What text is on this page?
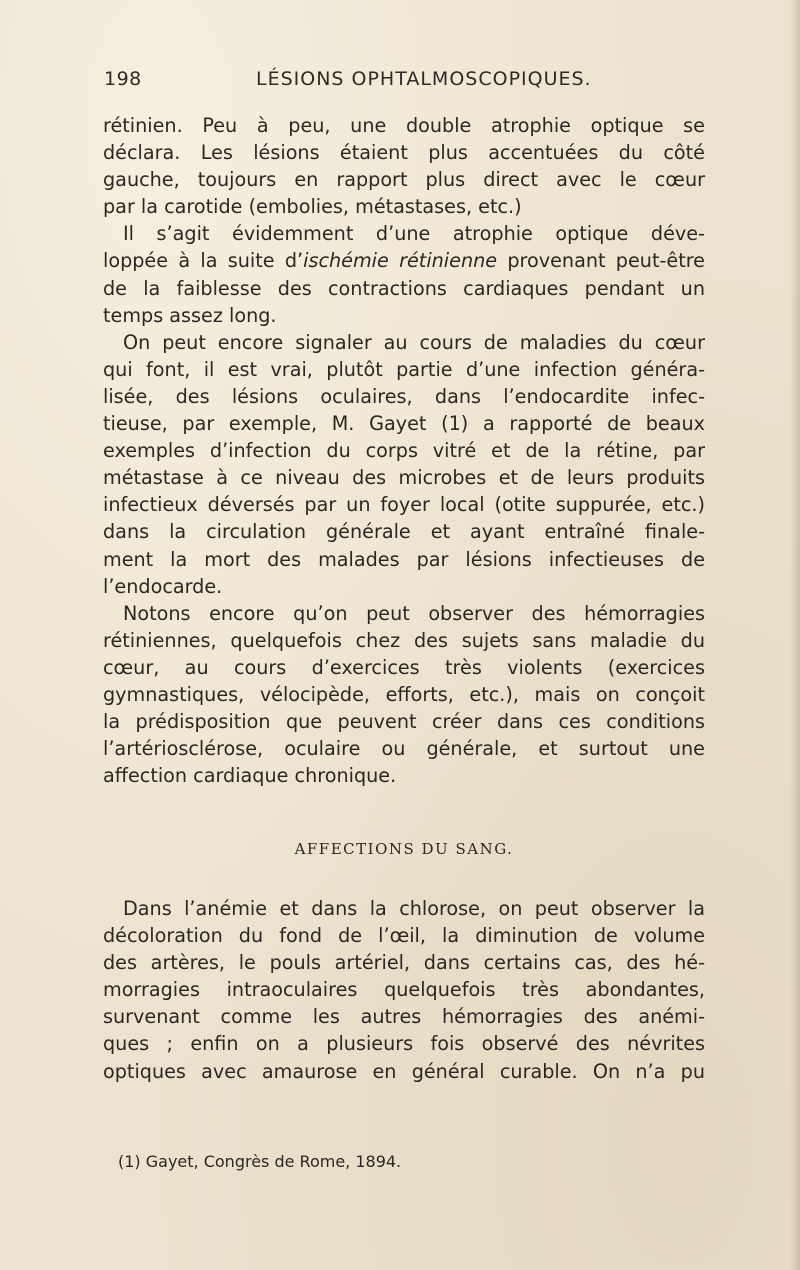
198	LÉSIONS OPHTALMOSCOPIQUES.
rétinien. Peu à peu, une double atrophie optique se
déclara. Les lésions étaient plus accentuées du côté
gauche, toujours en rapport plus direct avec le cœur
par la carotide (embolies, métastases, etc.)
Il s’agit évidemment d’une atrophie optique déve-
loppée à la suite d’ischémie rétinienne provenant peut-être
de la faiblesse des contractions cardiaques pendant un
temps assez long.
On peut encore signaler au cours de maladies du cœur
qui font, il est vrai, plutôt partie d’une infection généra-
lisée, des lésions oculaires, dans l’endocardite infec-
tieuse, par exemple, M. Gayet (1) a rapporté de beaux
exemples d’infection du corps vitré et de la rétine, par
métastase à ce niveau des microbes et de leurs produits
infectieux déversés par un foyer local (otite suppurée, etc.)
dans la circulation générale et ayant entraîné finale-
ment la mort des malades par lésions infectieuses de
l’endocarde.
Notons encore qu’on peut observer des hémorragies
rétiniennes, quelquefois chez des sujets sans maladie du
cœur, au cours d’exercices très violents (exercices
gymnastiques, vélocipède, efforts, etc.), mais on conçoit
la prédisposition que peuvent créer dans ces conditions
l’artériosclérose, oculaire ou générale, et surtout une
affection cardiaque chronique.
AFFECTIONS DU SANG.
Dans l’anémie et dans la chlorose, on peut observer la
décoloration du fond de l’œil, la diminution de volume
des artères, le pouls artériel, dans certains cas, des hé-
morragies intraoculaires quelquefois très abondantes,
survenant comme les autres hémorragies des anémi-
ques ; enfin on a plusieurs fois observé des névrites
optiques avec amaurose en général curable. On n’a pu
(1) Gayet, Congrès de Rome, 1894.
